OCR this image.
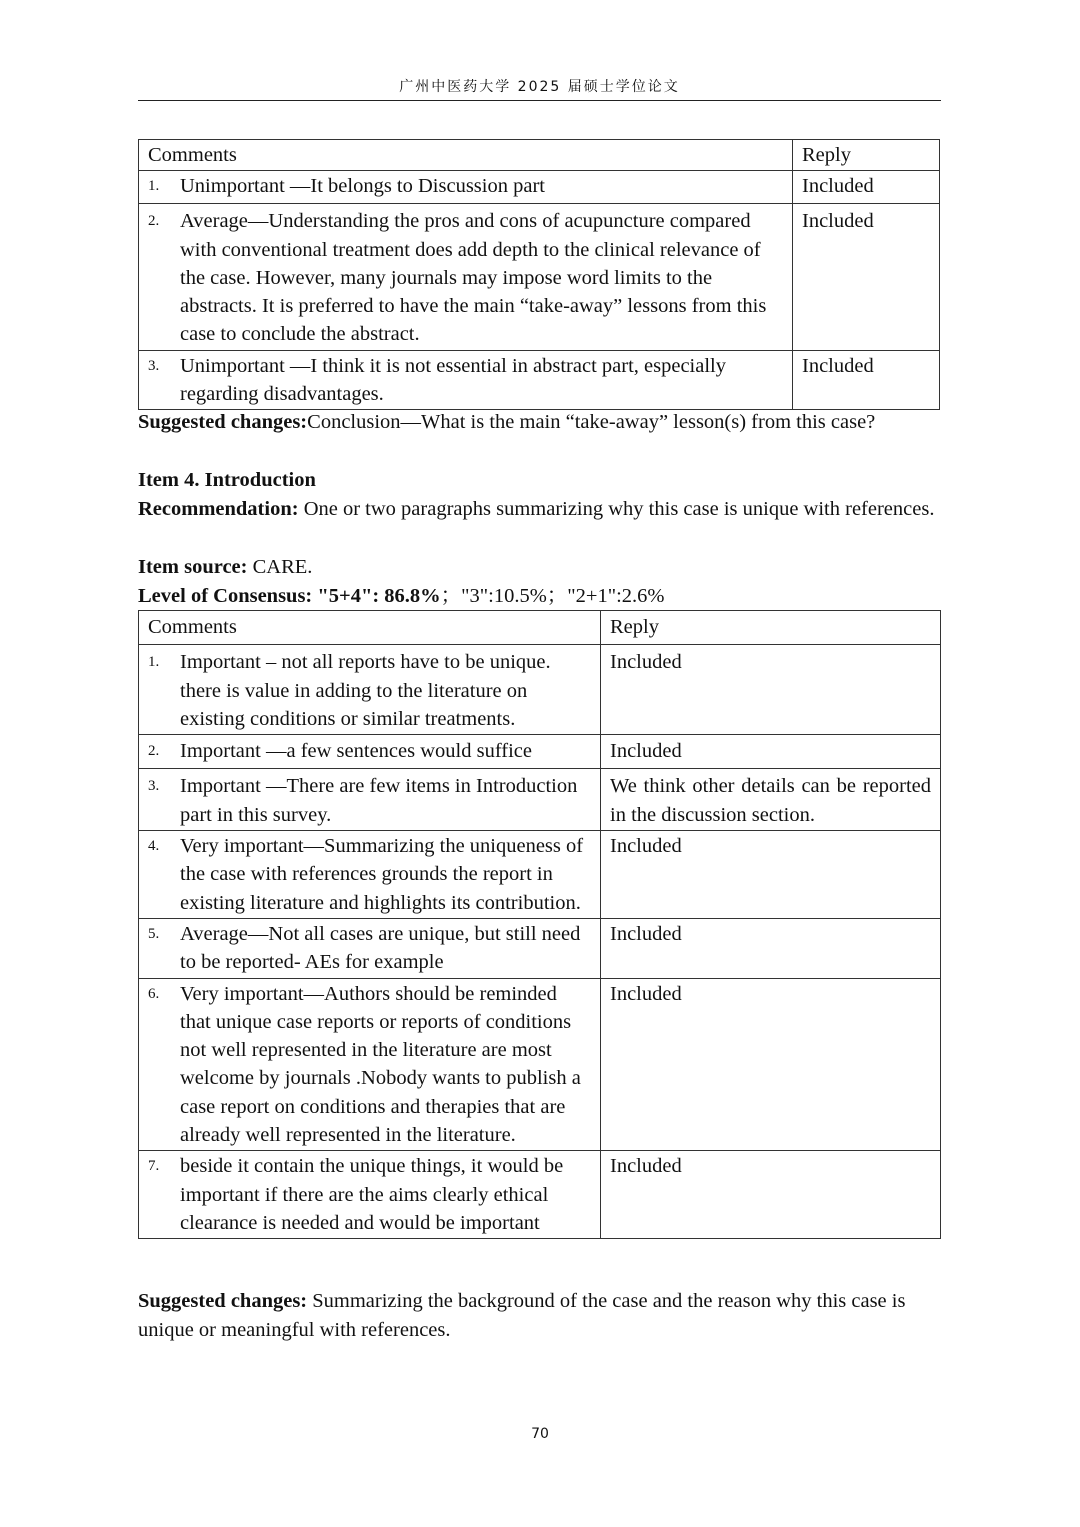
广州中医药大学 2025 届硕士学位论文
Comments	Reply

1. Unimportant —It belongs to Discussion part	Included

2. Average—Understanding the pros and cons of acupuncture compared with conventional treatment does add depth to the clinical relevance of the case. However, many journals may impose word limits to the abstracts. It is preferred to have the main “take-away” lessons from this case to conclude the abstract.	Included

3. Unimportant —I think it is not essential in abstract part, especially regarding disadvantages.	Included
Suggested changes:Conclusion—What is the main “take-away” lesson(s) from this case?
Item 4. Introduction
Recommendation: One or two paragraphs summarizing why this case is unique with references.
Item source: CARE.
Level of Consensus: "5+4": 86.8%；"3":10.5%；"2+1":2.6%
Comments	Reply

1. Important – not all reports have to be unique. there is value in adding to the literature on existing conditions or similar treatments.	Included

2. Important —a few sentences would suffice	Included

3. Important —There are few items in Introduction part in this survey.	We think other details can be reported in the discussion section.

4. Very important—Summarizing the uniqueness of the case with references grounds the report in existing literature and highlights its contribution.	Included

5. Average—Not all cases are unique, but still need to be reported- AEs for example	Included

6. Very important—Authors should be reminded that unique case reports or reports of conditions not well represented in the literature are most welcome by journals .Nobody wants to publish a case report on conditions and therapies that are already well represented in the literature.	Included

7. beside it contain the unique things, it would be important if there are the aims clearly ethical clearance is needed and would be important	Included
Suggested changes: Summarizing the background of the case and the reason why this case is unique or meaningful with references.
70
